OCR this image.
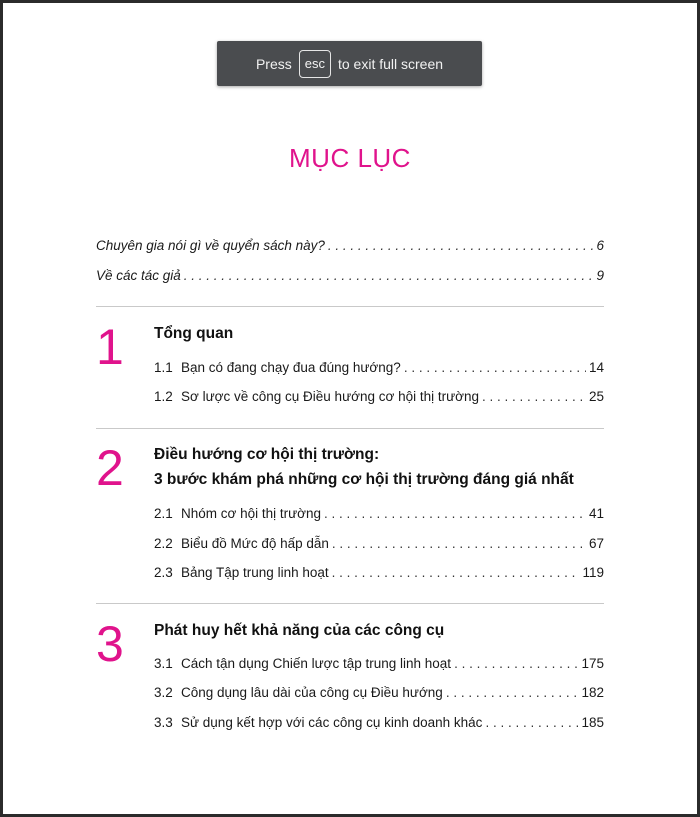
Press	esc to exit full screen
MỤC LỤC
Chuyên gia nói gì về quyển sách này? . . .	6
Về các tác giả . . .	9
1 Tổng quan
1.1 Bạn có đang chạy đua đúng hướng? . . .	14
1.2 Sơ lược về công cụ Điều hướng cơ hội thị trường . . .	25
2 Điều hướng cơ hội thị trường:
3 bước khám phá những cơ hội thị trường đáng giá nhất
2.1 Nhóm cơ hội thị trường . . .	41
2.2 Biểu đồ Mức độ hấp dẫn . . .	67
2.3 Bảng Tập trung linh hoạt . . .	119
3 Phát huy hết khả năng của các công cụ
3.1 Cách tận dụng Chiến lược tập trung linh hoạt . . .	175
3.2 Công dụng lâu dài của công cụ Điều hướng . . .	182
3.3 Sử dụng kết hợp với các công cụ kinh doanh khác . . .	185
